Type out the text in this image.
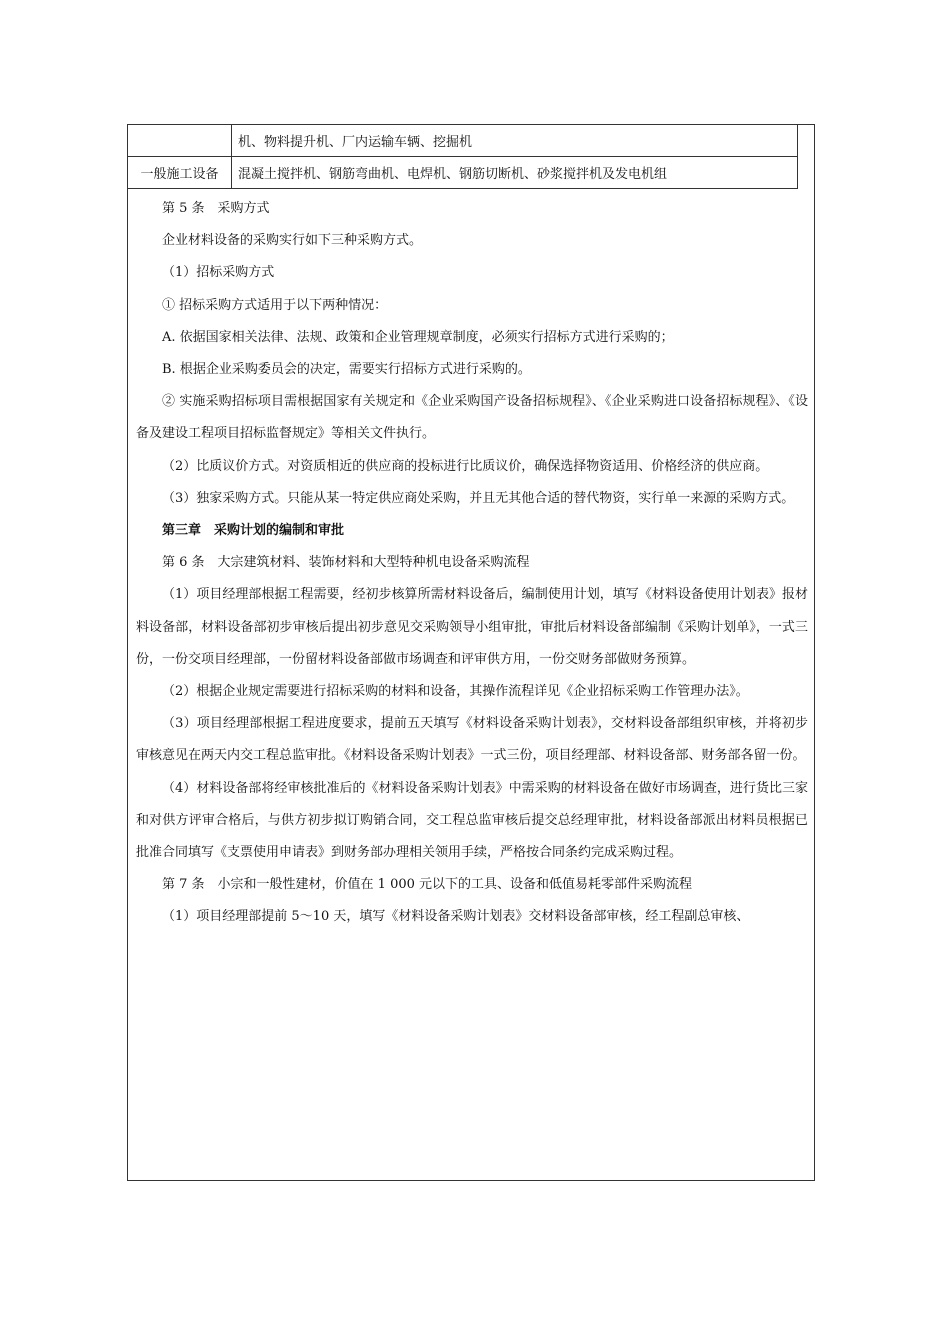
	机、物料提升机、厂内运输车辆、挖掘机
一般施工设备	混凝土搅拌机、钢筋弯曲机、电焊机、钢筋切断机、砂浆搅拌机及发电机组

第 5 条　采购方式

企业材料设备的采购实行如下三种采购方式。

（1）招标采购方式

① 招标采购方式适用于以下两种情况：

A. 依据国家相关法律、法规、政策和企业管理规章制度，必须实行招标方式进行采购的；

B. 根据企业采购委员会的决定，需要实行招标方式进行采购的。

② 实施采购招标项目需根据国家有关规定和《企业采购国产设备招标规程》、《企业采购进口设备招标规程》、《设备及建设工程项目招标监督规定》等相关文件执行。

（2）比质议价方式。对资质相近的供应商的投标进行比质议价，确保选择物资适用、价格经济的供应商。

（3）独家采购方式。只能从某一特定供应商处采购，并且无其他合适的替代物资，实行单一来源的采购方式。

第三章　采购计划的编制和审批

第 6 条　大宗建筑材料、装饰材料和大型特种机电设备采购流程

（1）项目经理部根据工程需要，经初步核算所需材料设备后，编制使用计划，填写《材料设备使用计划表》报材料设备部，材料设备部初步审核后提出初步意见交采购领导小组审批，审批后材料设备部编制《采购计划单》，一式三份，一份交项目经理部，一份留材料设备部做市场调查和评审供方用，一份交财务部做财务预算。

（2）根据企业规定需要进行招标采购的材料和设备，其操作流程详见《企业招标采购工作管理办法》。

（3）项目经理部根据工程进度要求，提前五天填写《材料设备采购计划表》，交材料设备部组织审核，并将初步审核意见在两天内交工程总监审批。《材料设备采购计划表》一式三份，项目经理部、材料设备部、财务部各留一份。

（4）材料设备部将经审核批准后的《材料设备采购计划表》中需采购的材料设备在做好市场调查，进行货比三家和对供方评审合格后，与供方初步拟订购销合同，交工程总监审核后提交总经理审批，材料设备部派出材料员根据已批准合同填写《支票使用申请表》到财务部办理相关领用手续，严格按合同条约完成采购过程。

第 7 条　小宗和一般性建材，价值在 1 000 元以下的工具、设备和低值易耗零部件采购流程

（1）项目经理部提前 5～10 天，填写《材料设备采购计划表》交材料设备部审核，经工程副总审核、
